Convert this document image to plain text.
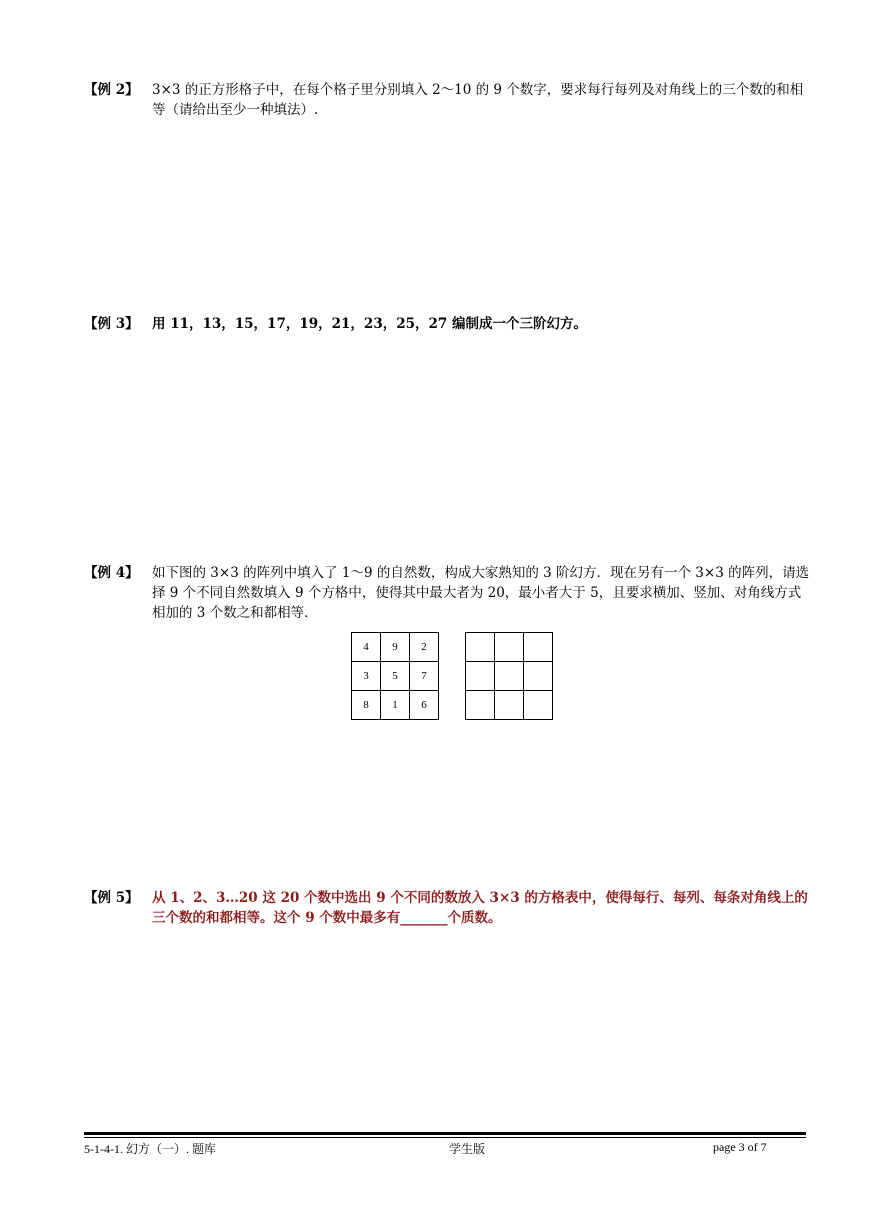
【例 2】 3×3 的正方形格子中，在每个格子里分别填入 2～10 的 9 个数字，要求每行每列及对角线上的三个数的和相等（请给出至少一种填法）.
【例 3】 用 11，13，15，17，19，21，23，25，27 编制成一个三阶幻方。
【例 4】 如下图的 3×3 的阵列中填入了 1～9 的自然数，构成大家熟知的 3 阶幻方．现在另有一个 3×3 的阵列，请选择 9 个不同自然数填入 9 个方格中，使得其中最大者为 20，最小者大于 5，且要求横加、竖加、对角线方式相加的 3 个数之和都相等．
4	9	2
3	5	7
8	1	6

【例 5】 从 1、2、3…20 这 20 个数中选出 9 个不同的数放入 3×3 的方格表中，使得每行、每列、每条对角线上的三个数的和都相等。这个 9 个数中最多有_______个质数。
5-1-4-1. 幻方（一）. 题库	学生版	page 3 of 7
